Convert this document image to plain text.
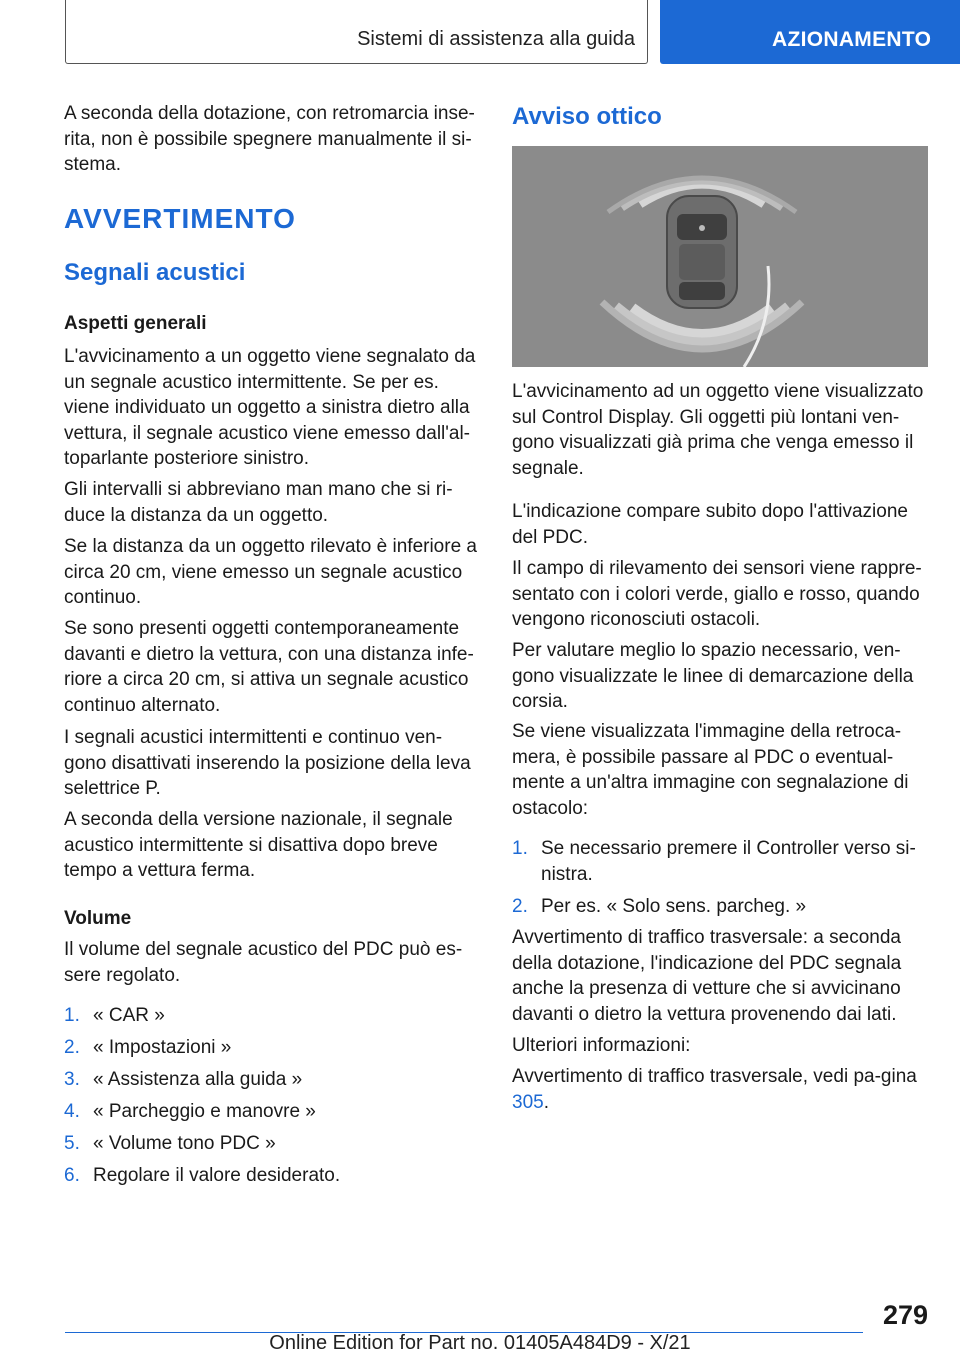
Sistemi di assistenza alla guida	AZIONAMENTO

A seconda della dotazione, con retromarcia inse-rita, non è possibile spegnere manualmente il si-stema.

AVVERTIMENTO
Segnali acustici
Aspetti generali

L'avvicinamento a un oggetto viene segnalato da un segnale acustico intermittente. Se per es. viene individuato un oggetto a sinistra dietro alla vettura, il segnale acustico viene emesso dall'al-toparlante posteriore sinistro.

Gli intervalli si abbreviano man mano che si ri-duce la distanza da un oggetto.

Se la distanza da un oggetto rilevato è inferiore a circa 20 cm, viene emesso un segnale acustico continuo.

Se sono presenti oggetti contemporaneamente davanti e dietro la vettura, con una distanza infe-riore a circa 20 cm, si attiva un segnale acustico continuo alternato.

I segnali acustici intermittenti e continuo ven-gono disattivati inserendo la posizione della leva selettrice P.

A seconda della versione nazionale, il segnale acustico intermittente si disattiva dopo breve tempo a vettura ferma.

Volume

Il volume del segnale acustico del PDC può es-sere regolato.

1. « CAR »
2. « Impostazioni »
3. « Assistenza alla guida »
4. « Parcheggio e manovre »
5. « Volume tono PDC »
6. Regolare il valore desiderato.
Avviso ottico

L'avvicinamento ad un oggetto viene visualizzato sul Control Display. Gli oggetti più lontani ven-gono visualizzati già prima che venga emesso il segnale.

L'indicazione compare subito dopo l'attivazione del PDC.

Il campo di rilevamento dei sensori viene rappre-sentato con i colori verde, giallo e rosso, quando vengono riconosciuti ostacoli.

Per valutare meglio lo spazio necessario, ven-gono visualizzate le linee di demarcazione della corsia.

Se viene visualizzata l'immagine della retroca-mera, è possibile passare al PDC o eventual-mente a un'altra immagine con segnalazione di ostacolo:

1. Se necessario premere il Controller verso si-nistra.
2. Per es. « Solo sens. parcheg. »

Avvertimento di traffico trasversale: a seconda della dotazione, l'indicazione del PDC segnala anche la presenza di vetture che si avvicinano davanti o dietro la vettura provenendo dai lati.

Ulteriori informazioni:

Avvertimento di traffico trasversale, vedi pa-gina 305.

279
Online Edition for Part no. 01405A484D9 - X/21
